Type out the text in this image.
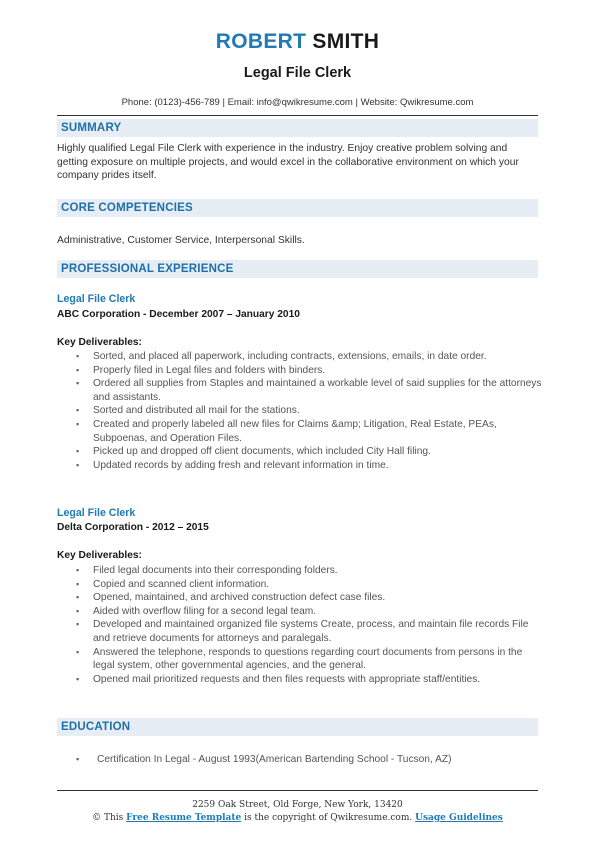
ROBERT SMITH
Legal File Clerk
Phone: (0123)-456-789 | Email: info@qwikresume.com | Website: Qwikresume.com
SUMMARY
Highly qualified Legal File Clerk with experience in the industry. Enjoy creative problem solving and getting exposure on multiple projects, and would excel in the collaborative environment on which your company prides itself.
CORE COMPETENCIES
Administrative, Customer Service, Interpersonal Skills.
PROFESSIONAL EXPERIENCE
Legal File Clerk
ABC Corporation - December 2007 – January 2010
Key Deliverables:
▪ Sorted, and placed all paperwork, including contracts, extensions, emails, in date order.
▪ Properly filed in Legal files and folders with binders.
▪ Ordered all supplies from Staples and maintained a workable level of said supplies for the attorneys and assistants.
▪ Sorted and distributed all mail for the stations.
▪ Created and properly labeled all new files for Claims &amp; Litigation, Real Estate, PEAs, Subpoenas, and Operation Files.
▪ Picked up and dropped off client documents, which included City Hall filing.
▪ Updated records by adding fresh and relevant information in time.
Legal File Clerk
Delta Corporation - 2012 – 2015
Key Deliverables:
▪ Filed legal documents into their corresponding folders.
▪ Copied and scanned client information.
▪ Opened, maintained, and archived construction defect case files.
▪ Aided with overflow filing for a second legal team.
▪ Developed and maintained organized file systems Create, process, and maintain file records File and retrieve documents for attorneys and paralegals.
▪ Answered the telephone, responds to questions regarding court documents from persons in the legal system, other governmental agencies, and the general.
▪ Opened mail prioritized requests and then files requests with appropriate staff/entities.
EDUCATION
▪ Certification In Legal - August 1993(American Bartending School - Tucson, AZ)
2259 Oak Street, Old Forge, New York, 13420
© This Free Resume Template is the copyright of Qwikresume.com. Usage Guidelines
